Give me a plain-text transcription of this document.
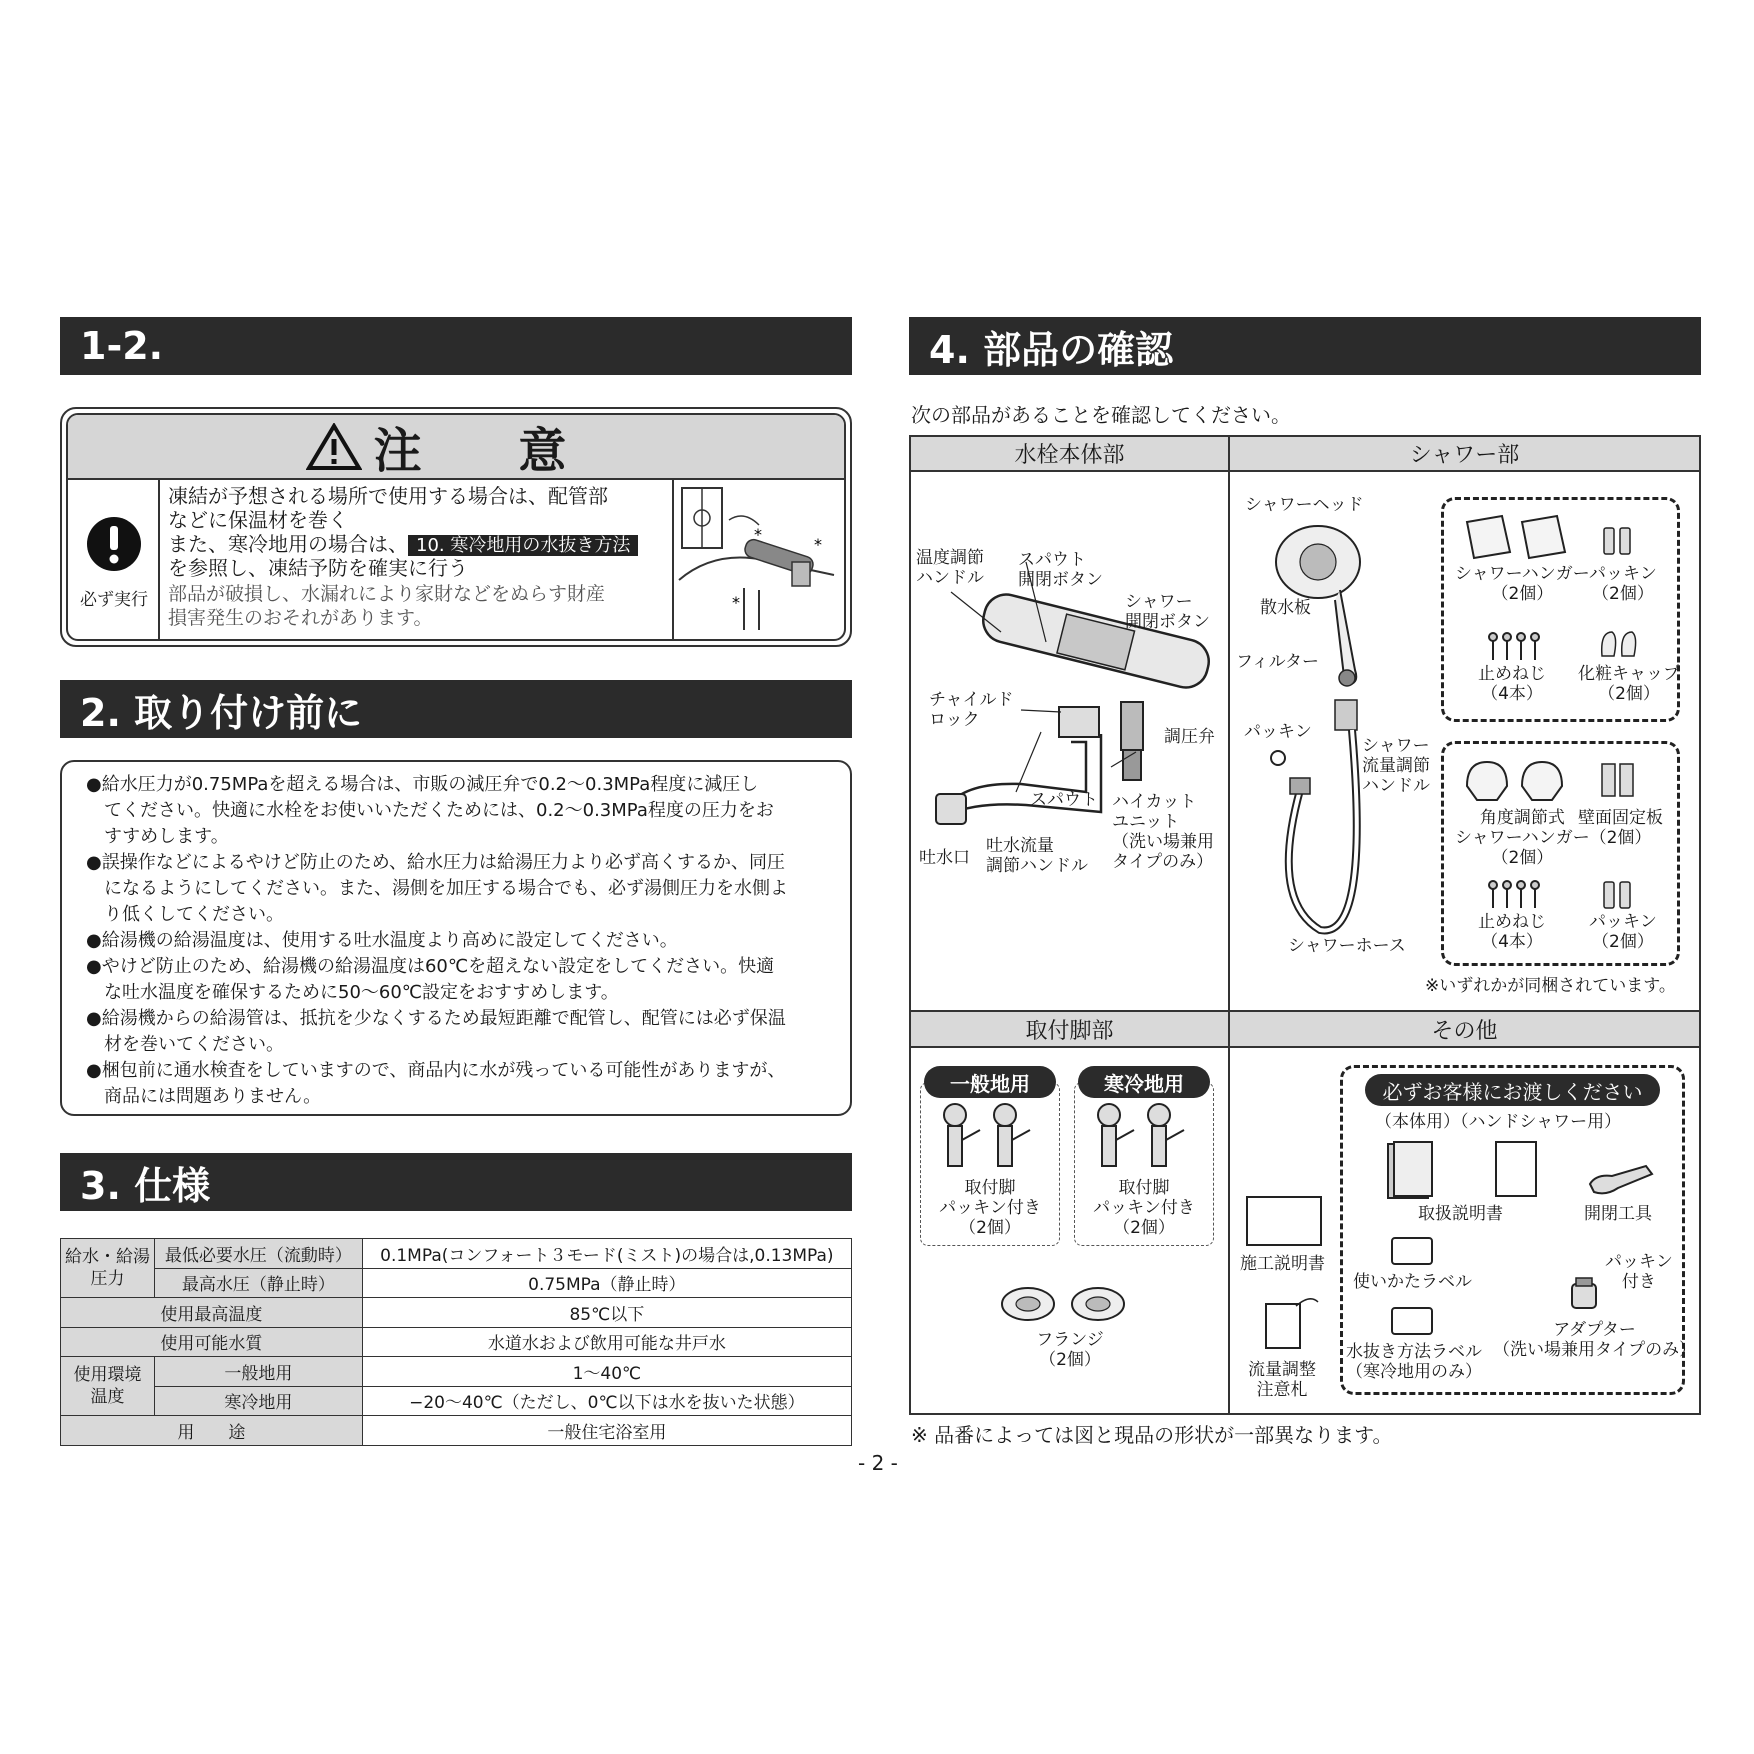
1-2.
注 意
必ず実行
凍結が予想される場所で使用する場合は、配管部
などに保温材を巻く
また、寒冷地用の場合は、 10. 寒冷地用の水抜き方法
を参照し、凍結予防を確実に行う
部品が破損し、水漏れにより家財などをぬらす財産
損害発生のおそれがあります。
*
*
*
2. 取り付け前に
●給水圧力が0.75MPaを超える場合は、市販の減圧弁で0.2～0.3MPa程度に減圧し
　てください。快適に水栓をお使いいただくためには、0.2～0.3MPa程度の圧力をお
　すすめします。
●誤操作などによるやけど防止のため、給水圧力は給湯圧力より必ず高くするか、同圧
　になるようにしてください。また、湯側を加圧する場合でも、必ず湯側圧力を水側よ
　り低くしてください。
●給湯機の給湯温度は、使用する吐水温度より高めに設定してください。
●やけど防止のため、給湯機の給湯温度は60℃を超えない設定をしてください。快適
　な吐水温度を確保するために50～60℃設定をおすすめします。
●給湯機からの給湯管は、抵抗を少なくするため最短距離で配管し、配管には必ず保温
　材を巻いてください。
●梱包前に通水検査をしていますので、商品内に水が残っている可能性がありますが、
　商品には問題ありません。
3. 仕様
給水・給湯
圧力	最低必要水圧（流動時）	0.1MPa(コンフォート３モード(ミスト)の場合は,0.13MPa)
	最高水圧（静止時）	0.75MPa（静止時）
使用最高温度		85℃以下
使用可能水質		水道水および飲用可能な井戸水
使用環境
温度	一般地用	1～40℃
	寒冷地用	−20～40℃（ただし、0℃以下は水を抜いた状態）
用　　途		一般住宅浴室用
4. 部品の確認
次の部品があることを確認してください。
水栓本体部	シャワー部
取付脚部	その他
温度調節
ハンドル
スパウト
開閉ボタン
シャワー
開閉ボタン
チャイルド
ロック
調圧弁
スパウト ハイカット
ユニット
（洗い場兼用
タイプのみ）
吐水口
吐水流量
調節ハンドル
シャワーヘッド
散水板
フィルター
パッキン
シャワー
流量調節
ハンドル
シャワーホース
シャワーハンガー
（2個）
パッキン
（2個）
止めねじ
（4本）
化粧キャップ
（2個）
角度調節式
シャワーハンガー
（2個）
壁面固定板
（2個）
止めねじ
（4本）
パッキン
（2個）
※いずれかが同梱されています。
一般地用	寒冷地用
取付脚
パッキン付き
（2個）
取付脚
パッキン付き
（2個）
フランジ
（2個）
施工説明書
流量調整
注意札
必ずお客様にお渡しください
（本体用）（ハンドシャワー用）
取扱説明書	開閉工具
使いかたラベル
パッキン
付き
アダプター
（洗い場兼用タイプのみ）
水抜き方法ラベル
（寒冷地用のみ）
※ 品番によっては図と現品の形状が一部異なります。
- 2 -
